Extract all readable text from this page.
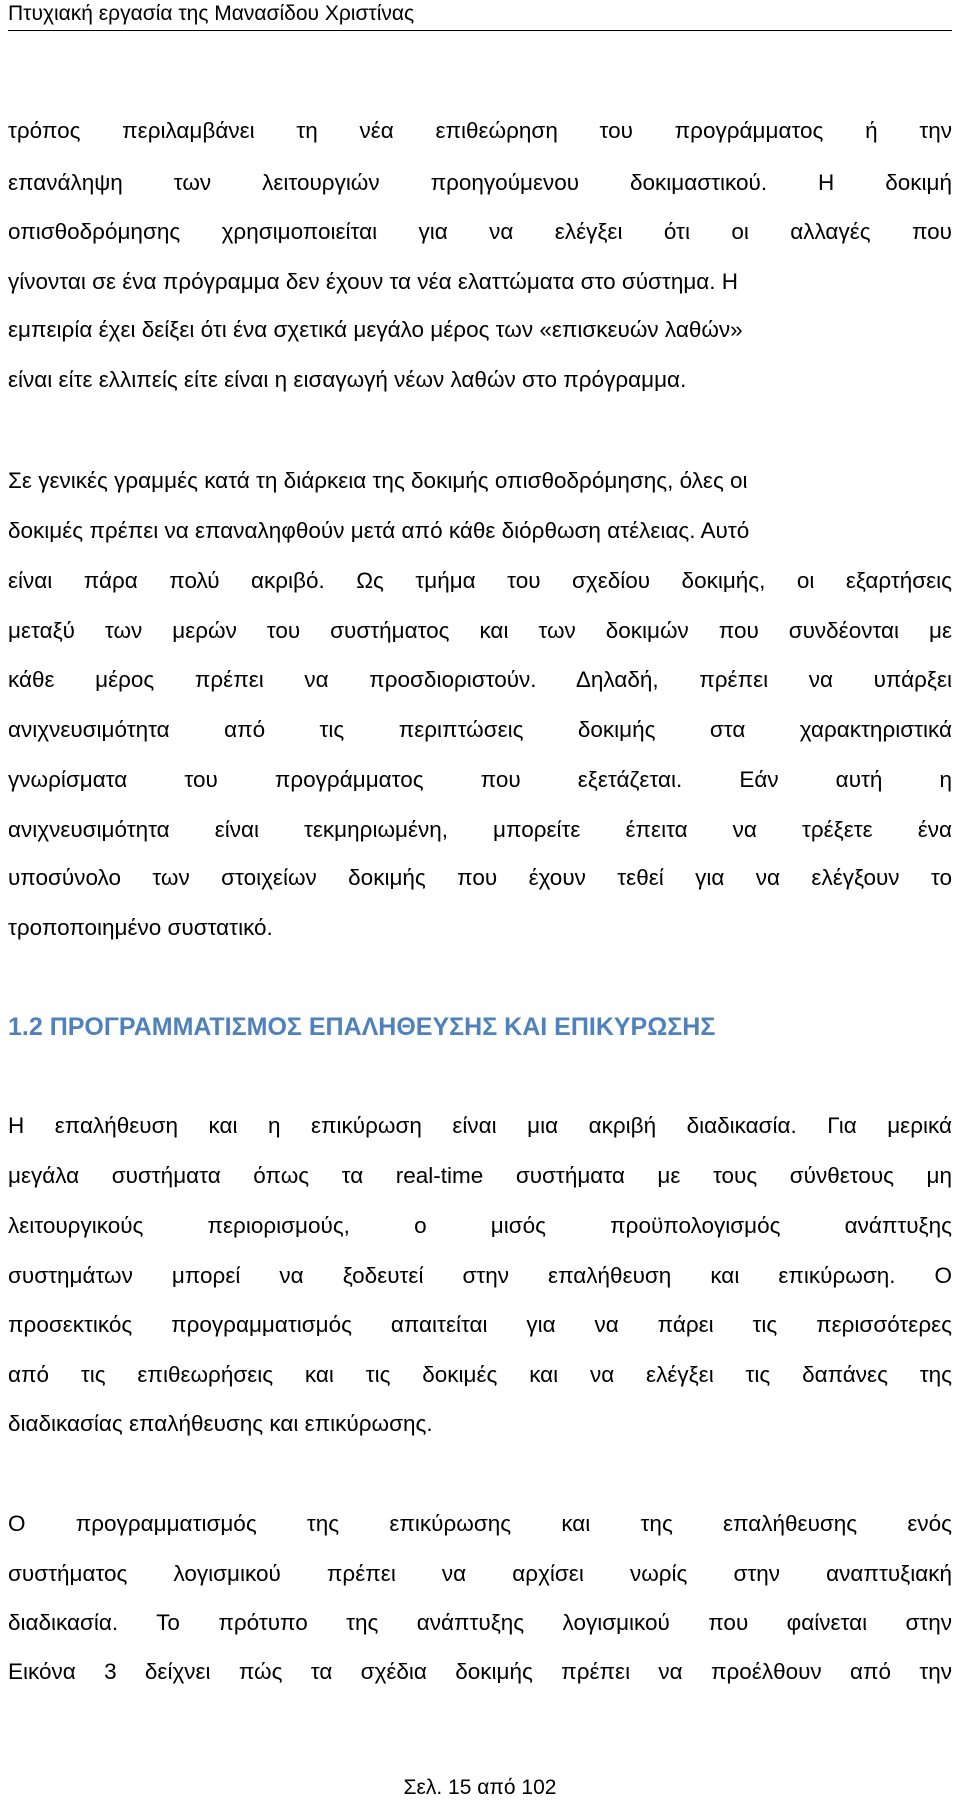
Πτυχιακή εργασία της Μανασίδου Χριστίνας
τρόπος περιλαμβάνει τη νέα επιθεώρηση του προγράμματος ή την
επανάληψη των λειτουργιών προηγούμενου δοκιμαστικού. Η δοκιμή
οπισθοδρόμησης χρησιμοποιείται για να ελέγξει ότι οι αλλαγές που
γίνονται σε ένα πρόγραμμα δεν έχουν τα νέα ελαττώματα στο σύστημα. Η
εμπειρία έχει δείξει ότι ένα σχετικά μεγάλο μέρος των «επισκευών λαθών»
είναι είτε ελλιπείς είτε είναι η εισαγωγή νέων λαθών στο πρόγραμμα.
Σε γενικές γραμμές κατά τη διάρκεια της δοκιμής οπισθοδρόμησης, όλες οι
δοκιμές πρέπει να επαναληφθούν μετά από κάθε διόρθωση ατέλειας. Αυτό
είναι πάρα πολύ ακριβό. Ως τμήμα του σχεδίου δοκιμής, οι εξαρτήσεις
μεταξύ των μερών του συστήματος και των δοκιμών που συνδέονται με
κάθε μέρος πρέπει να προσδιοριστούν. Δηλαδή, πρέπει να υπάρξει
ανιχνευσιμότητα από τις περιπτώσεις δοκιμής στα χαρακτηριστικά
γνωρίσματα του προγράμματος που εξετάζεται. Εάν αυτή η
ανιχνευσιμότητα είναι τεκμηριωμένη, μπορείτε έπειτα να τρέξετε ένα
υποσύνολο των στοιχείων δοκιμής που έχουν τεθεί για να ελέγξουν το
τροποποιημένο συστατικό.
1.2 ΠΡΟΓΡΑΜΜΑΤΙΣΜΟΣ ΕΠΑΛΗΘΕΥΣΗΣ ΚΑΙ ΕΠΙΚΥΡΩΣΗΣ
Η επαλήθευση και η επικύρωση είναι μια ακριβή διαδικασία. Για μερικά
μεγάλα συστήματα όπως τα real-time συστήματα με τους σύνθετους μη
λειτουργικούς περιορισμούς, ο μισός προϋπολογισμός ανάπτυξης
συστημάτων μπορεί να ξοδευτεί στην επαλήθευση και επικύρωση. Ο
προσεκτικός προγραμματισμός απαιτείται για να πάρει τις περισσότερες
από τις επιθεωρήσεις και τις δοκιμές και να ελέγξει τις δαπάνες της
διαδικασίας επαλήθευσης και επικύρωσης.
Ο προγραμματισμός της επικύρωσης και της επαλήθευσης ενός
συστήματος λογισμικού πρέπει να αρχίσει νωρίς στην αναπτυξιακή
διαδικασία. Το πρότυπο της ανάπτυξης λογισμικού που φαίνεται στην
Εικόνα 3 δείχνει πώς τα σχέδια δοκιμής πρέπει να προέλθουν από την
Σελ. 15 από 102
